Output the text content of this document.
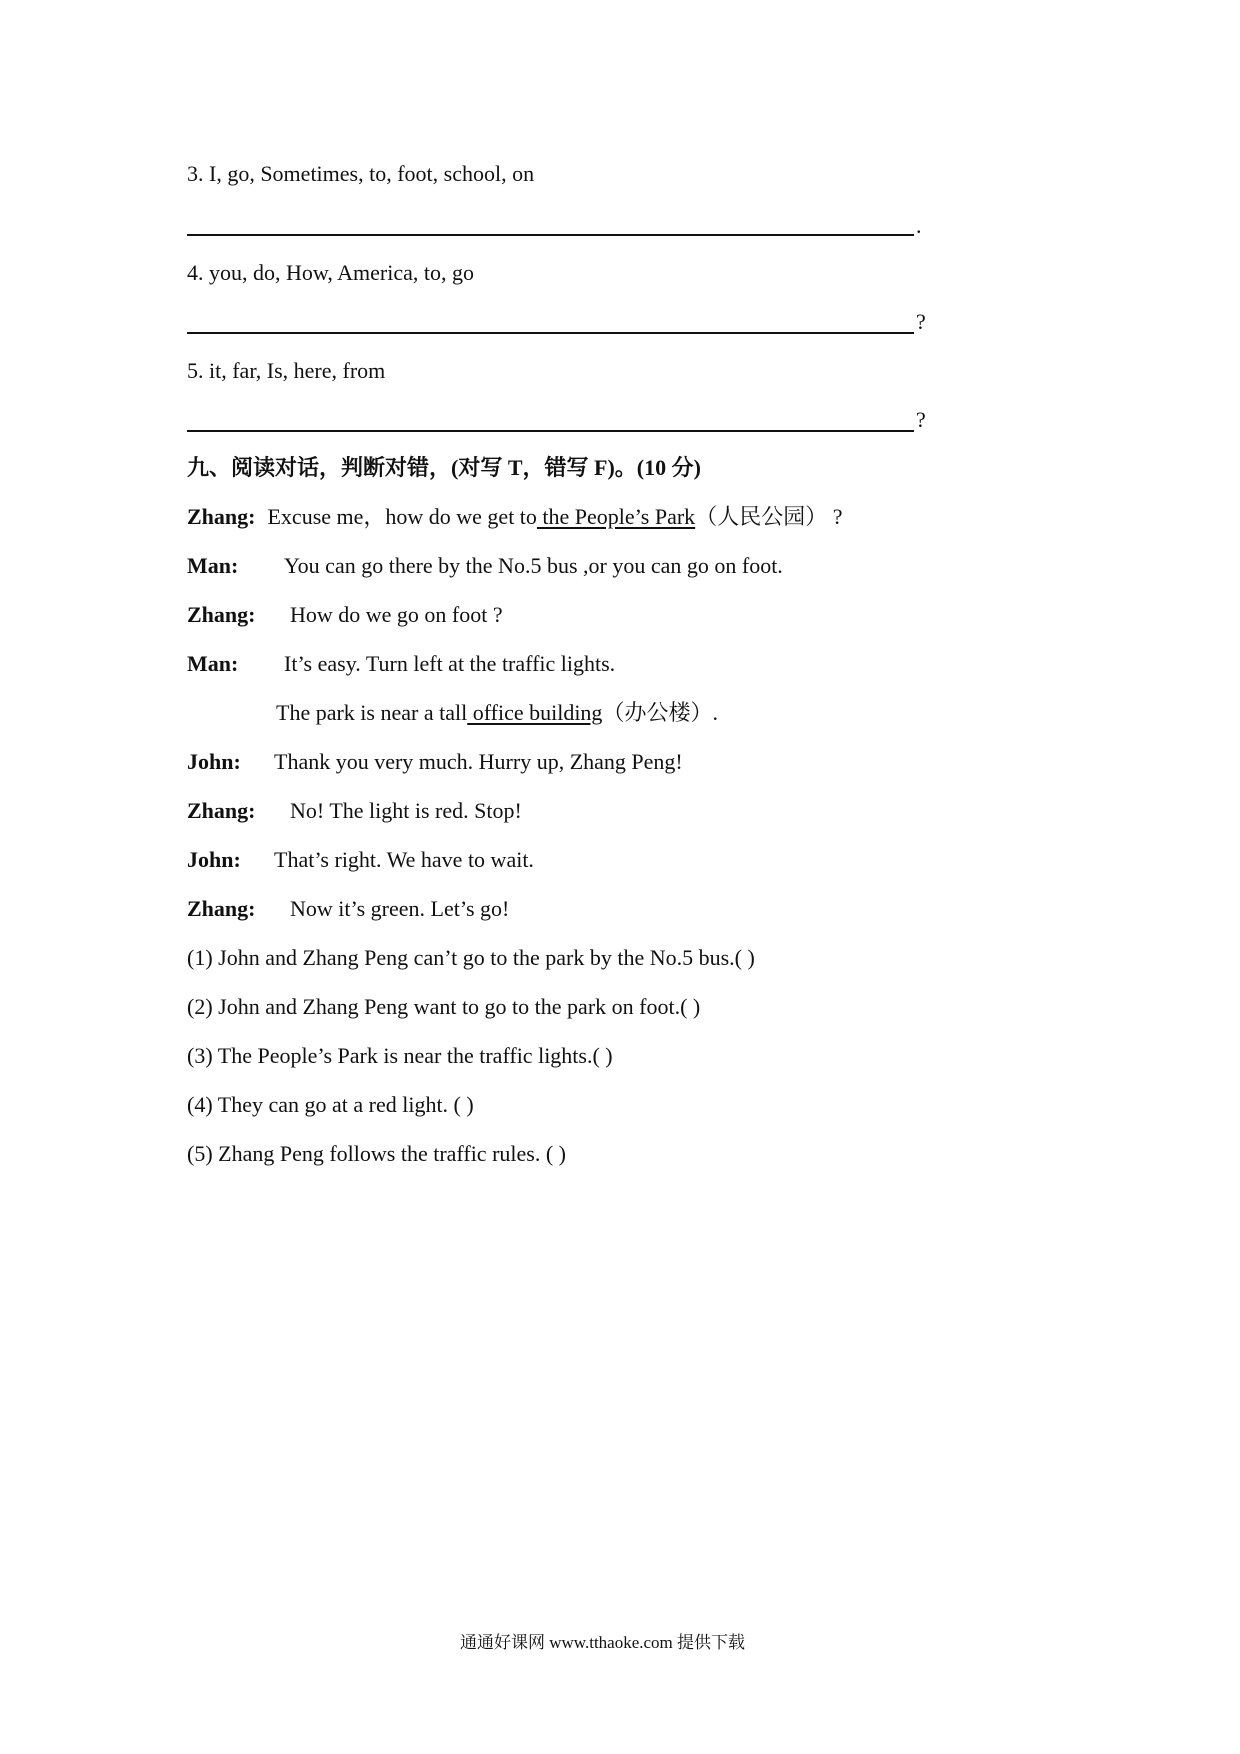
3. I, go, Sometimes, to, foot, school, on
.
4. you, do, How, America, to, go
?
5. it, far, Is, here, from
?
九、阅读对话，判断对错，(对写 T，错写 F)。(10 分)
Zhang: Excuse me，how do we get to the People’s Park（人民公园） ?
Man: You can go there by the No.5 bus ,or you can go on foot.
Zhang: How do we go on foot ?
Man: It’s easy. Turn left at the traffic lights.
The park is near a tall office building（办公楼）.
John: Thank you very much. Hurry up, Zhang Peng!
Zhang: No! The light is red. Stop!
John: That’s right. We have to wait.
Zhang: Now it’s green. Let’s go!
(1) John and Zhang Peng can’t go to the park by the No.5 bus.( )
(2) John and Zhang Peng want to go to the park on foot.( )
(3) The People’s Park is near the traffic lights.( )
(4) They can go at a red light. ( )
(5) Zhang Peng follows the traffic rules. ( )
通通好课网 www.tthaoke.com 提供下载
